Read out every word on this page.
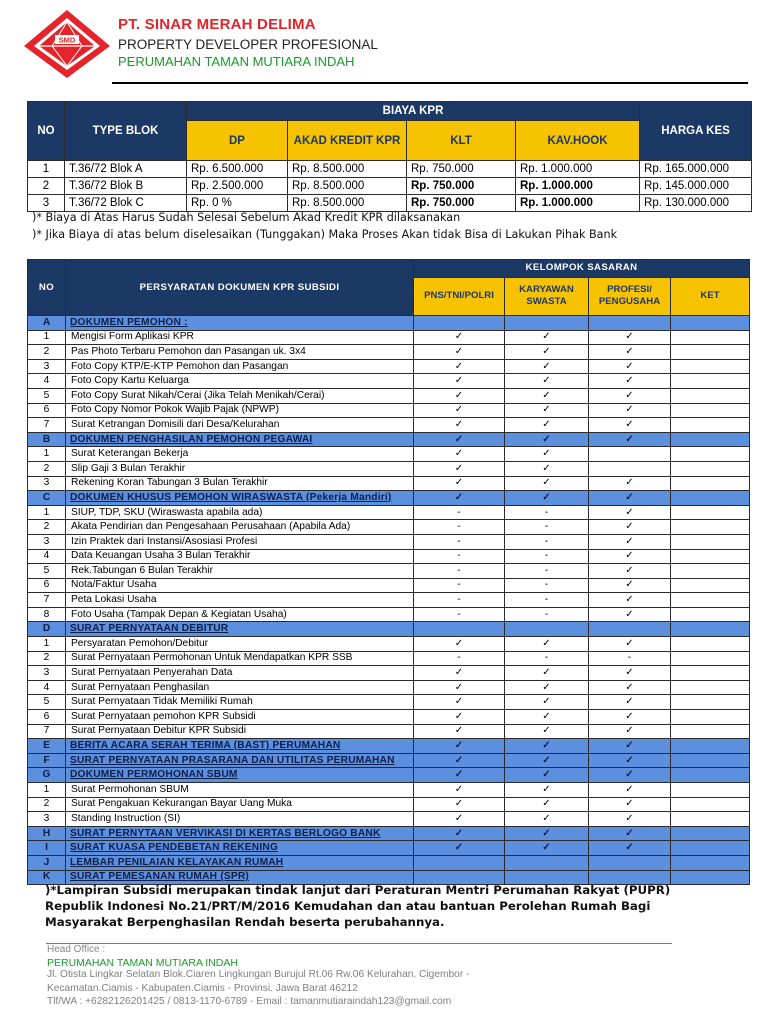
SMD
PT. SINAR MERAH DELIMA
PROPERTY DEVELOPER PROFESIONAL
PERUMAHAN TAMAN MUTIARA INDAH
NO	TYPE BLOK	BIAYA KPR				HARGA KES
		DP	AKAD KREDIT KPR	KLT	KAV.HOOK	
1	T.36/72 Blok A	Rp. 6.500.000	Rp. 8.500.000	Rp. 750.000	Rp. 1.000.000	Rp. 165.000.000
2	T.36/72 Blok B	Rp. 2.500.000	Rp. 8.500.000	Rp. 750.000	Rp. 1.000.000	Rp. 145.000.000
3	T.36/72 Blok C	Rp. 0 %	Rp. 8.500.000	Rp. 750.000	Rp. 1.000.000	Rp. 130.000.000
)* Biaya di Atas Harus Sudah Selesai Sebelum Akad Kredit KPR dilaksanakan
)* Jika Biaya di atas belum diselesaikan (Tunggakan) Maka Proses Akan tidak Bisa di Lakukan Pihak Bank
NO	PERSYARATAN DOKUMEN KPR SUBSIDI	KELOMPOK SASARAN			
		PNS/TNI/POLRI	KARYAWAN SWASTA	PROFESI/ PENGUSAHA	KET
A	DOKUMEN PEMOHON :				
1	Mengisi Form Aplikasi KPR	✓	✓	✓	
2	Pas Photo Terbaru Pemohon dan Pasangan uk. 3x4	✓	✓	✓	
3	Foto Copy KTP/E-KTP Pemohon dan Pasangan	✓	✓	✓	
4	Foto Copy Kartu Keluarga	✓	✓	✓	
5	Foto Copy Surat Nikah/Cerai (Jika Telah Menikah/Cerai)	✓	✓	✓	
6	Foto Copy Nomor Pokok Wajib Pajak (NPWP)	✓	✓	✓	
7	Surat Ketrangan Domisili dari Desa/Kelurahan	✓	✓	✓	
B	DOKUMEN PENGHASILAN PEMOHON PEGAWAI	✓	✓	✓	
1	Surat Keterangan Bekerja	✓	✓		
2	Slip Gaji 3 Bulan Terakhir	✓	✓		
3	Rekening Koran Tabungan 3 Bulan Terakhir	✓	✓	✓	
C	DOKUMEN KHUSUS PEMOHON WIRASWASTA (Pekerja Mandiri)	✓	✓	✓	
1	SIUP, TDP, SKU (Wiraswasta apabila ada)	-	-	✓	
2	Akata Pendirian dan Pengesahaan Perusahaan (Apabila Ada)	-	-	✓	
3	Izin Praktek dari Instansi/Asosiasi Profesi	-	-	✓	
4	Data Keuangan Usaha 3 Bulan Terakhir	-	-	✓	
5	Rek.Tabungan 6 Bulan Terakhir	-	-	✓	
6	Nota/Faktur Usaha	-	-	✓	
7	Peta Lokasi Usaha	-	-	✓	
8	Foto Usaha (Tampak Depan & Kegiatan Usaha)	-	-	✓	
D	SURAT PERNYATAAN DEBITUR				
1	Persyaratan Pemohon/Debitur	✓	✓	✓	
2	Surat Pernyataan Permohonan Untuk Mendapatkan KPR SSB	-	-	-	
3	Surat Pernyataan Penyerahan Data	✓	✓	✓	
4	Surat Pernyataan Penghasilan	✓	✓	✓	
5	Surat Pernyataan Tidak Memiliki Rumah	✓	✓	✓	
6	Surat Pernyataan pemohon KPR Subsidi	✓	✓	✓	
7	Surat Pernyataan Debitur KPR Subsidi	✓	✓	✓	
E	BERITA ACARA SERAH TERIMA (BAST) PERUMAHAN	✓	✓	✓	
F	SURAT PERNYATAAN PRASARANA DAN UTILITAS PERUMAHAN	✓	✓	✓	
G	DOKUMEN PERMOHONAN SBUM	✓	✓	✓	
1	Surat Permohonan SBUM	✓	✓	✓	
2	Surat Pengakuan Kekurangan Bayar Uang Muka	✓	✓	✓	
3	Standing Instruction (SI)	✓	✓	✓	
H	SURAT PERNYTAAN VERVIKASI DI KERTAS BERLOGO BANK	✓	✓	✓	
I	SURAT KUASA PENDEBETAN REKENING	✓	✓	✓	
J	LEMBAR PENILAIAN KELAYAKAN RUMAH				
K	SURAT PEMESANAN RUMAH (SPR)				
)*Lampiran Subsidi merupakan tindak lanjut dari Peraturan Mentri Perumahan Rakyat (PUPR) Republik Indonesi No.21/PRT/M/2016 Kemudahan dan atau bantuan Perolehan Rumah Bagi Masyarakat Berpenghasilan Rendah beserta perubahannya.
Head Office :
PERUMAHAN TAMAN MUTIARA INDAH
Jl. Otista Lingkar Selatan Blok.Ciaren Lingkungan Burujul Rt.06 Rw.06 Kelurahan. Cigembor -
Kecamatan.Ciamis - Kabupaten.Ciamis - Provinsi. Jawa Barat 46212
Tlf/WA : +6282126201425 / 0813-1170-6789 - Email : tamanmutiaraindah123@gmail.com
